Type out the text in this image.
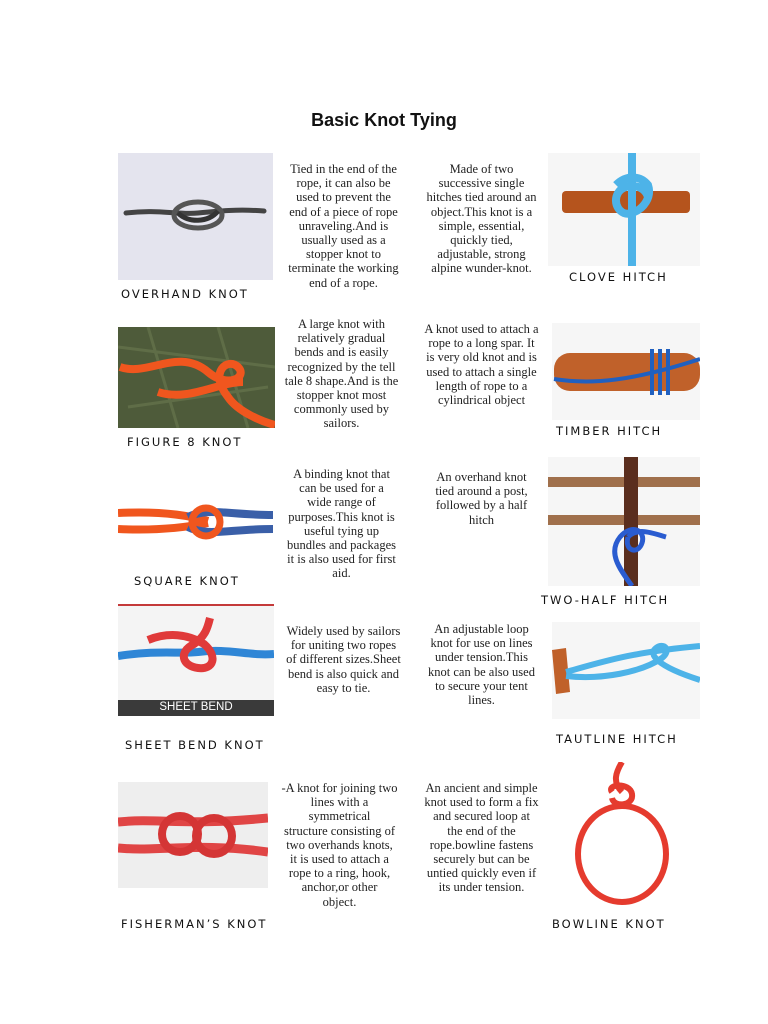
Basic Knot Tying
Tied in the end of the
rope, it can also be
used to prevent the
end of a piece of rope
unraveling.And is
usually used as a
stopper knot to
terminate the working
end of a rope.
OVERHAND KNOT
Made of two
successive single
hitches tied around an
object.This knot is a
simple, essential,
quickly tied,
adjustable, strong
alpine wunder-knot.
CLOVE HITCH
A large knot with
relatively gradual
bends and is easily
recognized by the tell
tale 8 shape.And is the
stopper knot most
commonly used by
sailors.
FIGURE 8 KNOT
A knot used to attach a
rope to a long spar. It
is very old knot and is
used to attach a single
length of rope to a
cylindrical object
TIMBER HITCH
A binding knot that
can be used for a
wide range of
purposes.This knot is
useful tying up
bundles and packages
it is also used for first
aid.
SQUARE KNOT
An overhand knot
tied around a post,
followed by a half
hitch
TWO-HALF HITCH
SHEET BEND
Widely used by sailors
for uniting two ropes
of different sizes.Sheet
bend is also quick and
easy to tie.
SHEET BEND KNOT
An adjustable loop
knot for use on lines
under tension.This
knot can be also used
to secure your tent
lines.
TAUTLINE HITCH
-A knot for joining two
lines with a
symmetrical
structure consisting of
two overhands knots,
it is used to attach a
rope to a ring, hook,
anchor,or other
object.
FISHERMAN’S KNOT
An ancient and simple
knot used to form a fix
and secured loop at
the end of the
rope.bowline fastens
securely but can be
untied quickly even if
its under tension.
BOWLINE KNOT
